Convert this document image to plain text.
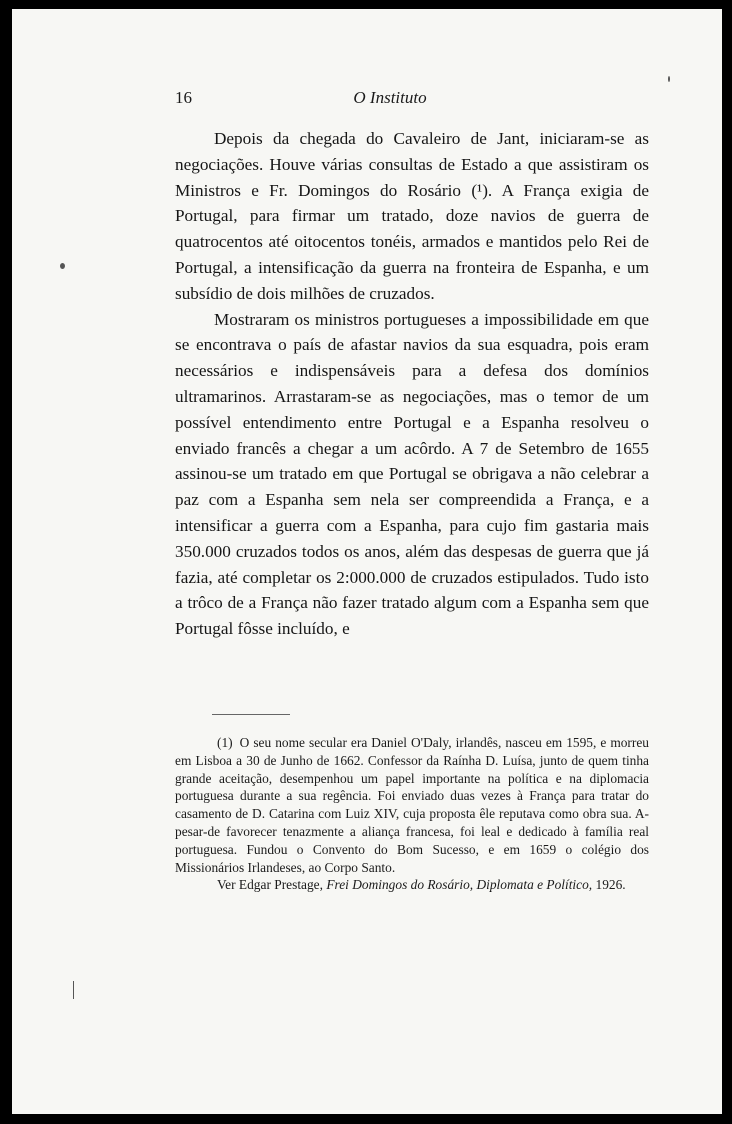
16	O Instituto

Depois da chegada do Cavaleiro de Jant, iniciaram-se as negociações. Houve várias consultas de Estado a que assistiram os Ministros e Fr. Domingos do Rosário (¹). A França exigia de Portugal, para firmar um tratado, doze navios de guerra de quatrocentos até oitocentos tonéis, armados e mantidos pelo Rei de Portugal, a intensificação da guerra na fronteira de Espanha, e um subsídio de dois milhões de cruzados.

Mostraram os ministros portugueses a impossibilidade em que se encontrava o país de afastar navios da sua esquadra, pois eram necessários e indispensáveis para a defesa dos domínios ultramarinos. Arrastaram-se as negociações, mas o temor de um possível entendimento entre Portugal e a Espanha resolveu o enviado francês a chegar a um acôrdo. A 7 de Setembro de 1655 assinou-se um tratado em que Portugal se obrigava a não celebrar a paz com a Espanha sem nela ser compreendida a França, e a intensificar a guerra com a Espanha, para cujo fim gastaria mais 350.000 cruzados todos os anos, além das despesas de guerra que já fazia, até completar os 2:000.000 de cruzados estipulados. Tudo isto a trôco de a França não fazer tratado algum com a Espanha sem que Portugal fôsse incluído, e

(1) O seu nome secular era Daniel O'Daly, irlandês, nasceu em 1595, e morreu em Lisboa a 30 de Junho de 1662. Confessor da Raínha D. Luísa, junto de quem tinha grande aceitação, desempenhou um papel importante na política e na diplomacia portuguesa durante a sua regência. Foi enviado duas vezes à França para tratar do casamento de D. Catarina com Luiz XIV, cuja proposta êle reputava como obra sua. A-pesar-de favorecer tenazmente a aliança francesa, foi leal e dedicado à família real portuguesa. Fundou o Convento do Bom Sucesso, e em 1659 o colégio dos Missionários Irlandeses, ao Corpo Santo.

Ver Edgar Prestage, Frei Domingos do Rosário, Diplomata e Político, 1926.
